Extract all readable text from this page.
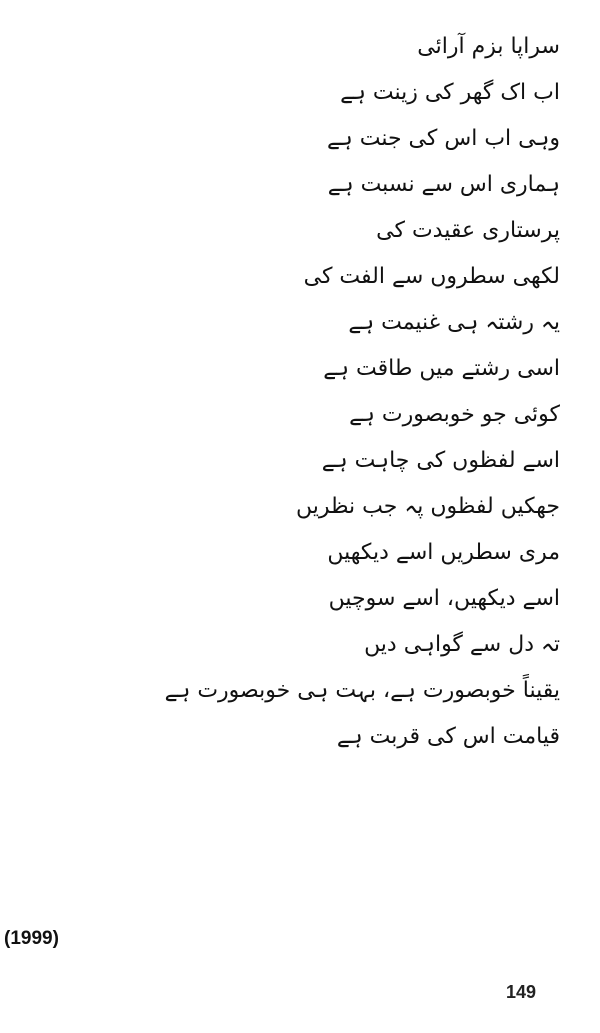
سراپا بزم آرائی
اب اک گھر کی زینت ہے
وہی اب اس کی جنت ہے
ہماری اس سے نسبت ہے
پرستاری عقیدت کی
لکھی سطروں سے الفت کی
یہ رشتہ ہی غنیمت ہے
اسی رشتے میں طاقت ہے
کوئی جو خوبصورت ہے
اسے لفظوں کی چاہت ہے
جھکیں لفظوں پہ جب نظریں
مری سطریں اسے دیکھیں
اسے دیکھیں، اسے سوچیں
تہ دل سے گواہی دیں
یقیناً خوبصورت ہے، بہت ہی خوبصورت ہے
قیامت اس کی قربت ہے
(1999)
149
